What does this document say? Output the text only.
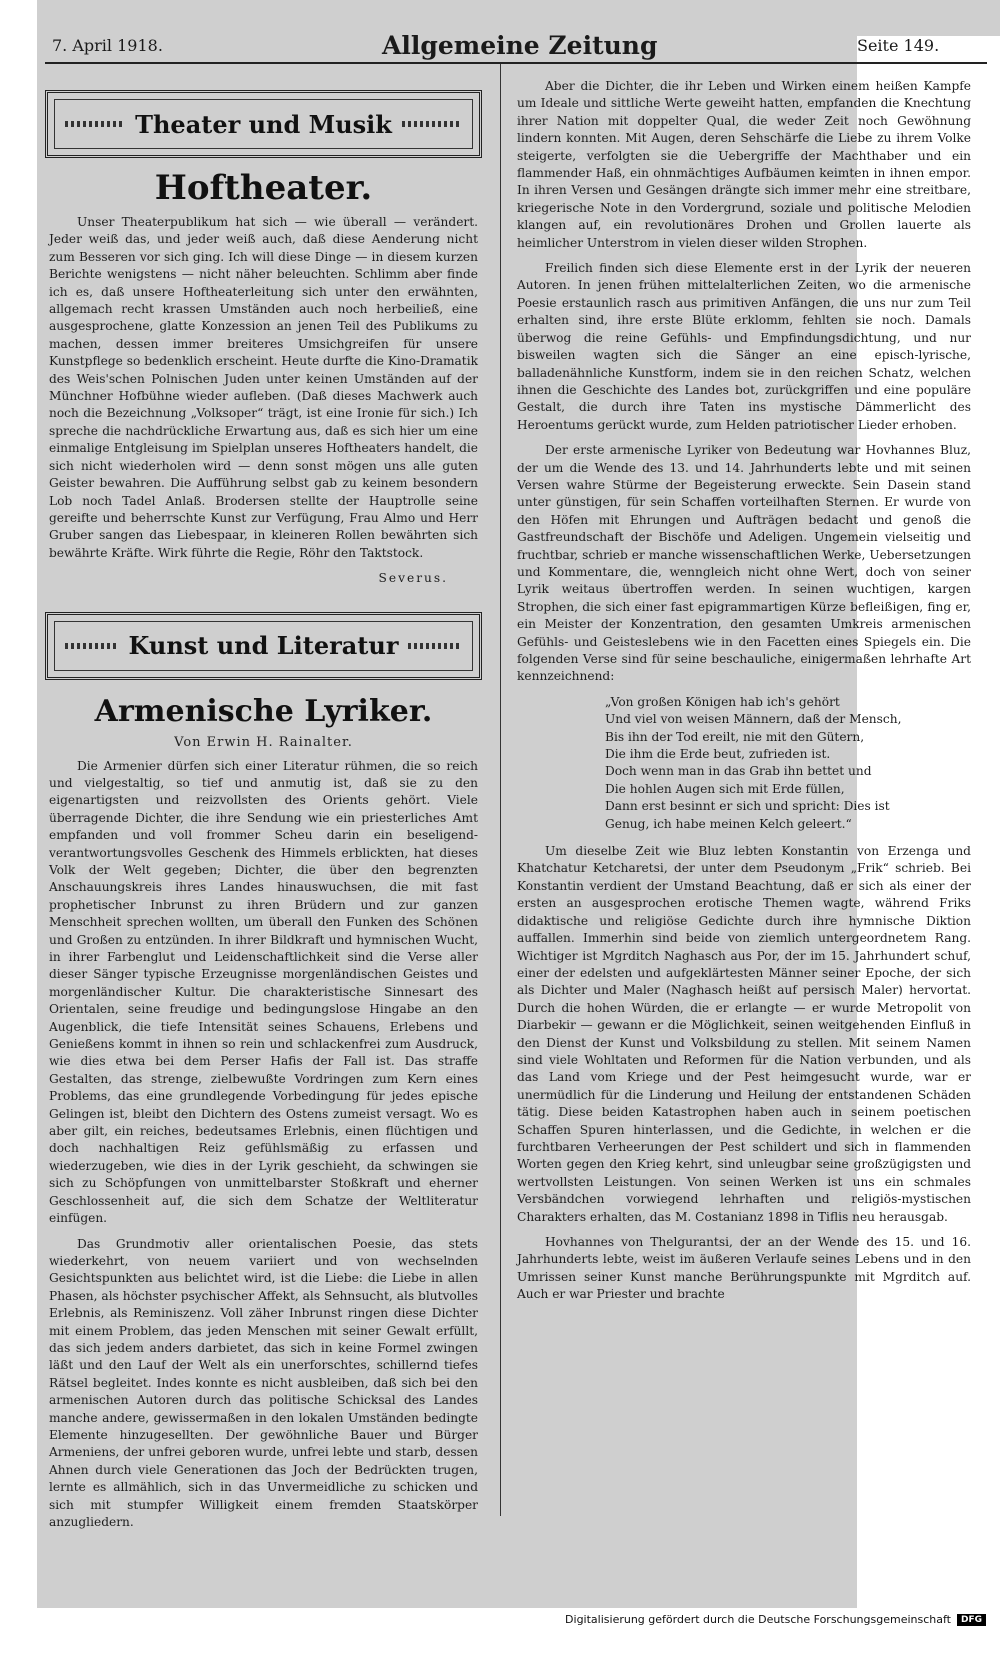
7. April 1918.	Allgemeine Zeitung	Seite 149.
Theater und Musik
Hoftheater.

Unser Theaterpublikum hat sich — wie überall — verändert. Jeder weiß das, und jeder weiß auch, daß diese Aenderung nicht zum Besseren vor sich ging. Ich will diese Dinge — in diesem kurzen Berichte wenigstens — nicht näher beleuchten. Schlimm aber finde ich es, daß unsere Hoftheaterleitung sich unter den erwähnten, allgemach recht krassen Umständen auch noch herbeiließ, eine ausgesprochene, glatte Konzession an jenen Teil des Publikums zu machen, dessen immer breiteres Umsichgreifen für unsere Kunstpflege so bedenklich erscheint. Heute durfte die Kino-Dramatik des Weis'schen Polnischen Juden unter keinen Umständen auf der Münchner Hofbühne wieder aufleben. (Daß dieses Machwerk auch noch die Bezeichnung „Volksoper“ trägt, ist eine Ironie für sich.) Ich spreche die nachdrückliche Erwartung aus, daß es sich hier um eine einmalige Entgleisung im Spielplan unseres Hoftheaters handelt, die sich nicht wiederholen wird — denn sonst mögen uns alle guten Geister bewahren. Die Aufführung selbst gab zu keinem besondern Lob noch Tadel Anlaß. Brodersen stellte der Hauptrolle seine gereifte und beherrschte Kunst zur Verfügung, Frau Almo und Herr Gruber sangen das Liebespaar, in kleineren Rollen bewährten sich bewährte Kräfte. Wirk führte die Regie, Röhr den Taktstock.

Severus.
Kunst und Literatur
Armenische Lyriker.
Von Erwin H. Rainalter.

Die Armenier dürfen sich einer Literatur rühmen, die so reich und vielgestaltig, so tief und anmutig ist, daß sie zu den eigenartigsten und reizvollsten des Orients gehört. Viele überragende Dichter, die ihre Sendung wie ein priesterliches Amt empfanden und voll frommer Scheu darin ein beseligend-verantwortungsvolles Geschenk des Himmels erblickten, hat dieses Volk der Welt gegeben; Dichter, die über den begrenzten Anschauungskreis ihres Landes hinauswuchsen, die mit fast prophetischer Inbrunst zu ihren Brüdern und zur ganzen Menschheit sprechen wollten, um überall den Funken des Schönen und Großen zu entzünden. In ihrer Bildkraft und hymnischen Wucht, in ihrer Farbenglut und Leidenschaftlichkeit sind die Verse aller dieser Sänger typische Erzeugnisse morgenländischen Geistes und morgenländischer Kultur. Die charakteristische Sinnesart des Orientalen, seine freudige und bedingungslose Hingabe an den Augenblick, die tiefe Intensität seines Schauens, Erlebens und Genießens kommt in ihnen so rein und schlackenfrei zum Ausdruck, wie dies etwa bei dem Perser Hafis der Fall ist. Das straffe Gestalten, das strenge, zielbewußte Vordringen zum Kern eines Problems, das eine grundlegende Vorbedingung für jedes epische Gelingen ist, bleibt den Dichtern des Ostens zumeist versagt. Wo es aber gilt, ein reiches, bedeutsames Erlebnis, einen flüchtigen und doch nachhaltigen Reiz gefühlsmäßig zu erfassen und wiederzugeben, wie dies in der Lyrik geschieht, da schwingen sie sich zu Schöpfungen von unmittelbarster Stoßkraft und eherner Geschlossenheit auf, die sich dem Schatze der Weltliteratur einfügen.

Das Grundmotiv aller orientalischen Poesie, das stets wiederkehrt, von neuem variiert und von wechselnden Gesichtspunkten aus belichtet wird, ist die Liebe: die Liebe in allen Phasen, als höchster psychischer Affekt, als Sehnsucht, als blutvolles Erlebnis, als Reminiszenz. Voll zäher Inbrunst ringen diese Dichter mit einem Problem, das jeden Menschen mit seiner Gewalt erfüllt, das sich jedem anders darbietet, das sich in keine Formel zwingen läßt und den Lauf der Welt als ein unerforschtes, schillernd tiefes Rätsel begleitet. Indes konnte es nicht ausbleiben, daß sich bei den armenischen Autoren durch das politische Schicksal des Landes manche andere, gewissermaßen in den lokalen Umständen bedingte Elemente hinzugesellten. Der gewöhnliche Bauer und Bürger Armeniens, der unfrei geboren wurde, unfrei lebte und starb, dessen Ahnen durch viele Generationen das Joch der Bedrückten trugen, lernte es allmählich, sich in das Unvermeidliche zu schicken und sich mit stumpfer Willigkeit einem fremden Staatskörper anzugliedern.

Aber die Dichter, die ihr Leben und Wirken einem heißen Kampfe um Ideale und sittliche Werte geweiht hatten, empfanden die Knechtung ihrer Nation mit doppelter Qual, die weder Zeit noch Gewöhnung lindern konnten. Mit Augen, deren Sehschärfe die Liebe zu ihrem Volke steigerte, verfolgten sie die Uebergriffe der Machthaber und ein flammender Haß, ein ohnmächtiges Aufbäumen keimten in ihnen empor. In ihren Versen und Gesängen drängte sich immer mehr eine streitbare, kriegerische Note in den Vordergrund, soziale und politische Melodien klangen auf, ein revolutionäres Drohen und Grollen lauerte als heimlicher Unterstrom in vielen dieser wilden Strophen.

Freilich finden sich diese Elemente erst in der Lyrik der neueren Autoren. In jenen frühen mittelalterlichen Zeiten, wo die armenische Poesie erstaunlich rasch aus primitiven Anfängen, die uns nur zum Teil erhalten sind, ihre erste Blüte erklomm, fehlten sie noch. Damals überwog die reine Gefühls- und Empfindungsdichtung, und nur bisweilen wagten sich die Sänger an eine episch-lyrische, balladenähnliche Kunstform, indem sie in den reichen Schatz, welchen ihnen die Geschichte des Landes bot, zurückgriffen und eine populäre Gestalt, die durch ihre Taten ins mystische Dämmerlicht des Heroentums gerückt wurde, zum Helden patriotischer Lieder erhoben.

Der erste armenische Lyriker von Bedeutung war Hovhannes Bluz, der um die Wende des 13. und 14. Jahrhunderts lebte und mit seinen Versen wahre Stürme der Begeisterung erweckte. Sein Dasein stand unter günstigen, für sein Schaffen vorteilhaften Sternen. Er wurde von den Höfen mit Ehrungen und Aufträgen bedacht und genoß die Gastfreundschaft der Bischöfe und Adeligen. Ungemein vielseitig und fruchtbar, schrieb er manche wissenschaftlichen Werke, Uebersetzungen und Kommentare, die, wenngleich nicht ohne Wert, doch von seiner Lyrik weitaus übertroffen werden. In seinen wuchtigen, kargen Strophen, die sich einer fast epigrammartigen Kürze befleißigen, fing er, ein Meister der Konzentration, den gesamten Umkreis armenischen Gefühls- und Geisteslebens wie in den Facetten eines Spiegels ein. Die folgenden Verse sind für seine beschauliche, einigermaßen lehrhafte Art kennzeichnend:

„Von großen Königen hab ich's gehört
Und viel von weisen Männern, daß der Mensch,
Bis ihn der Tod ereilt, nie mit den Gütern,
Die ihm die Erde beut, zufrieden ist.
Doch wenn man in das Grab ihn bettet und
Die hohlen Augen sich mit Erde füllen,
Dann erst besinnt er sich und spricht: Dies ist
Genug, ich habe meinen Kelch geleert.“

Um dieselbe Zeit wie Bluz lebten Konstantin von Erzenga und Khatchatur Ketcharetsi, der unter dem Pseudonym „Frik“ schrieb. Bei Konstantin verdient der Umstand Beachtung, daß er sich als einer der ersten an ausgesprochen erotische Themen wagte, während Friks didaktische und religiöse Gedichte durch ihre hymnische Diktion auffallen. Immerhin sind beide von ziemlich untergeordnetem Rang. Wichtiger ist Mgrditch Naghasch aus Por, der im 15. Jahrhundert schuf, einer der edelsten und aufgeklärtesten Männer seiner Epoche, der sich als Dichter und Maler (Naghasch heißt auf persisch Maler) hervortat. Durch die hohen Würden, die er erlangte — er wurde Metropolit von Diarbekir — gewann er die Möglichkeit, seinen weitgehenden Einfluß in den Dienst der Kunst und Volksbildung zu stellen. Mit seinem Namen sind viele Wohltaten und Reformen für die Nation verbunden, und als das Land vom Kriege und der Pest heimgesucht wurde, war er unermüdlich für die Linderung und Heilung der entstandenen Schäden tätig. Diese beiden Katastrophen haben auch in seinem poetischen Schaffen Spuren hinterlassen, und die Gedichte, in welchen er die furchtbaren Verheerungen der Pest schildert und sich in flammenden Worten gegen den Krieg kehrt, sind unleugbar seine großzügigsten und wertvollsten Leistungen. Von seinen Werken ist uns ein schmales Versbändchen vorwiegend lehrhaften und religiös-mystischen Charakters erhalten, das M. Costanianz 1898 in Tiflis neu herausgab.

Hovhannes von Thelgurantsi, der an der Wende des 15. und 16. Jahrhunderts lebte, weist im äußeren Verlaufe seines Lebens und in den Umrissen seiner Kunst manche Berührungspunkte mit Mgrditch auf. Auch er war Priester und brachte

Digitalisierung gefördert durch die Deutsche Forschungsgemeinschaft	DFG
